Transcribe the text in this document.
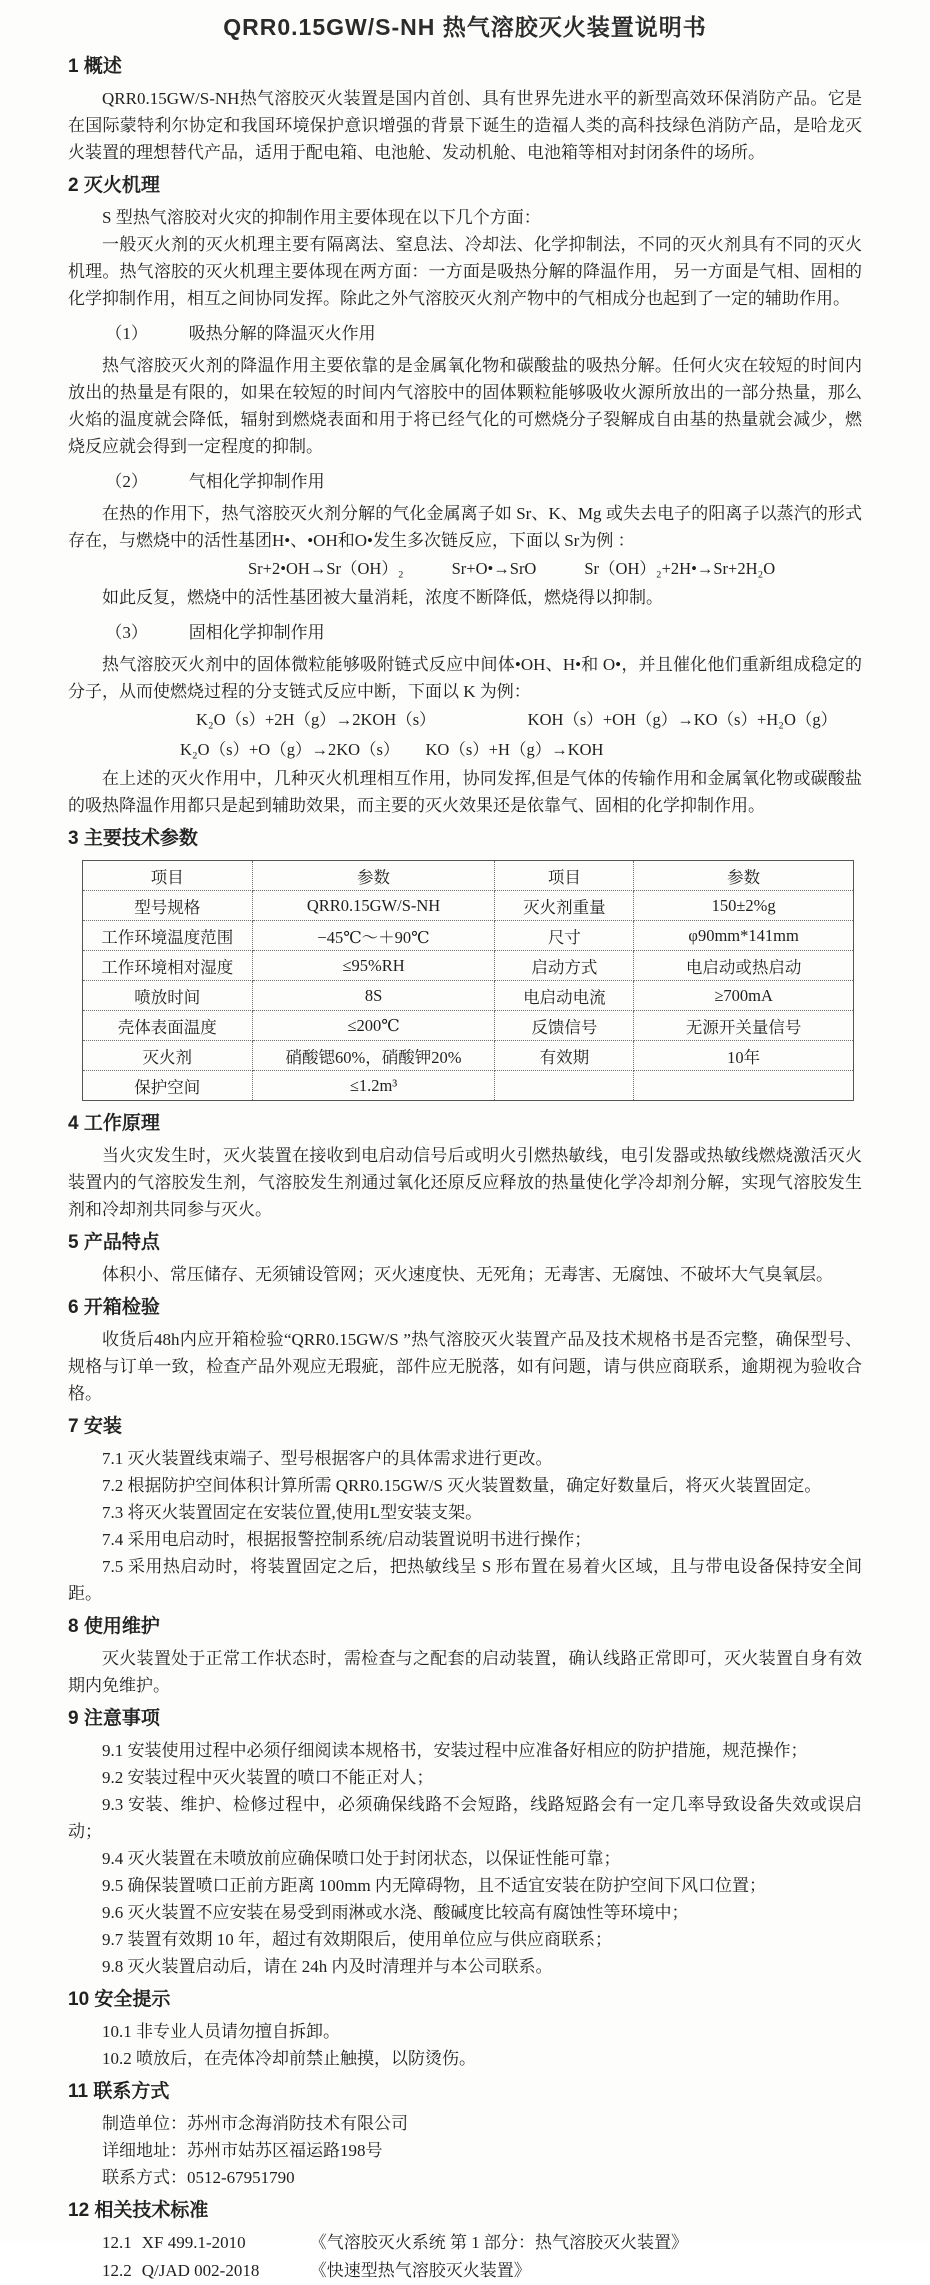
QRR0.15GW/S-NH 热气溶胶灭火装置说明书
1 概述

QRR0.15GW/S-NH热气溶胶灭火装置是国内首创、具有世界先进水平的新型高效环保消防产品。它是在国际蒙特利尔协定和我国环境保护意识增强的背景下诞生的造福人类的高科技绿色消防产品，是哈龙灭火装置的理想替代产品，适用于配电箱、电池舱、发动机舱、电池箱等相对封闭条件的场所。

2 灭火机理

S 型热气溶胶对火灾的抑制作用主要体现在以下几个方面：

一般灭火剂的灭火机理主要有隔离法、窒息法、冷却法、化学抑制法，不同的灭火剂具有不同的灭火机理。热气溶胶的灭火机理主要体现在两方面：一方面是吸热分解的降温作用， 另一方面是气相、固相的化学抑制作用，相互之间协同发挥。除此之外气溶胶灭火剂产物中的气相成分也起到了一定的辅助作用。

（1） 吸热分解的降温灭火作用

热气溶胶灭火剂的降温作用主要依靠的是金属氧化物和碳酸盐的吸热分解。任何火灾在较短的时间内放出的热量是有限的，如果在较短的时间内气溶胶中的固体颗粒能够吸收火源所放出的一部分热量，那么火焰的温度就会降低，辐射到燃烧表面和用于将已经气化的可燃烧分子裂解成自由基的热量就会减少，燃烧反应就会得到一定程度的抑制。

（2） 气相化学抑制作用

在热的作用下，热气溶胶灭火剂分解的气化金属离子如 Sr、K、Mg 或失去电子的阳离子以蒸汽的形式存在，与燃烧中的活性基团H•、•OH和O•发生多次链反应，下面以 Sr为例 ：

Sr+2•OH→Sr（OH）₂	Sr+O•→SrO	Sr（OH）₂+2H•→Sr+2H₂O

如此反复，燃烧中的活性基团被大量消耗，浓度不断降低，燃烧得以抑制。

（3） 固相化学抑制作用

热气溶胶灭火剂中的固体微粒能够吸附链式反应中间体•OH、H•和 O•，并且催化他们重新组成稳定的分子，从而使燃烧过程的分支链式反应中断，下面以 K 为例：

K₂O（s）+2H（g）→2KOH（s）	KOH（s）+OH（g）→KO（s）+H₂O（g）
K₂O（s）+O（g）→2KO（s） KO（s）+H（g）→KOH

在上述的灭火作用中，几种灭火机理相互作用，协同发挥,但是气体的传输作用和金属氧化物或碳酸盐的吸热降温作用都只是起到辅助效果，而主要的灭火效果还是依靠气、固相的化学抑制作用。

3 主要技术参数
项目	参数	项目	参数
型号规格	QRR0.15GW/S-NH	灭火剂重量	150±2%g
工作环境温度范围	−45℃～＋90℃	尺寸	φ90mm*141mm
工作环境相对湿度	≤95%RH	启动方式	电启动或热启动
喷放时间	8S	电启动电流	≥700mA
壳体表面温度	≤200℃	反馈信号	无源开关量信号
灭火剂	硝酸锶60%，硝酸钾20%	有效期	10年
保护空间	≤1.2m³		
4 工作原理

当火灾发生时，灭火装置在接收到电启动信号后或明火引燃热敏线，电引发器或热敏线燃烧激活灭火装置内的气溶胶发生剂，气溶胶发生剂通过氧化还原反应释放的热量使化学冷却剂分解，实现气溶胶发生剂和冷却剂共同参与灭火。

5 产品特点

体积小、常压储存、无须铺设管网；灭火速度快、无死角；无毒害、无腐蚀、不破坏大气臭氧层。

6 开箱检验

收货后48h内应开箱检验“QRR0.15GW/S ”热气溶胶灭火装置产品及技术规格书是否完整，确保型号、规格与订单一致，检查产品外观应无瑕疵，部件应无脱落，如有问题，请与供应商联系，逾期视为验收合格。

7 安装

7.1 灭火装置线束端子、型号根据客户的具体需求进行更改。

7.2 根据防护空间体积计算所需 QRR0.15GW/S 灭火装置数量，确定好数量后，将灭火装置固定。

7.3 将灭火装置固定在安装位置,使用L型安装支架。

7.4 采用电启动时，根据报警控制系统/启动装置说明书进行操作；

7.5 采用热启动时，将装置固定之后，把热敏线呈 S 形布置在易着火区域，且与带电设备保持安全间距。

8 使用维护

灭火装置处于正常工作状态时，需检查与之配套的启动装置，确认线路正常即可，灭火装置自身有效期内免维护。

9 注意事项

9.1 安装使用过程中必须仔细阅读本规格书，安装过程中应准备好相应的防护措施，规范操作；

9.2 安装过程中灭火装置的喷口不能正对人；

9.3 安装、维护、检修过程中，必须确保线路不会短路，线路短路会有一定几率导致设备失效或误启动；

9.4 灭火装置在未喷放前应确保喷口处于封闭状态，以保证性能可靠；

9.5 确保装置喷口正前方距离 100mm 内无障碍物，且不适宜安装在防护空间下风口位置；

9.6 灭火装置不应安装在易受到雨淋或水浇、酸碱度比较高有腐蚀性等环境中；

9.7 装置有效期 10 年，超过有效期限后，使用单位应与供应商联系；

9.8 灭火装置启动后，请在 24h 内及时清理并与本公司联系。

10 安全提示

10.1 非专业人员请勿擅自拆卸。

10.2 喷放后，在壳体冷却前禁止触摸，以防烫伤。

11 联系方式

制造单位：苏州市念海消防技术有限公司

详细地址：苏州市姑苏区福运路198号

联系方式：0512-67951790

12 相关技术标准
12.1 XF 499.1-2010	《气溶胶灭火系统 第 1 部分：热气溶胶灭火装置》
12.2 Q/JAD 002-2018	《快速型热气溶胶灭火装置》
